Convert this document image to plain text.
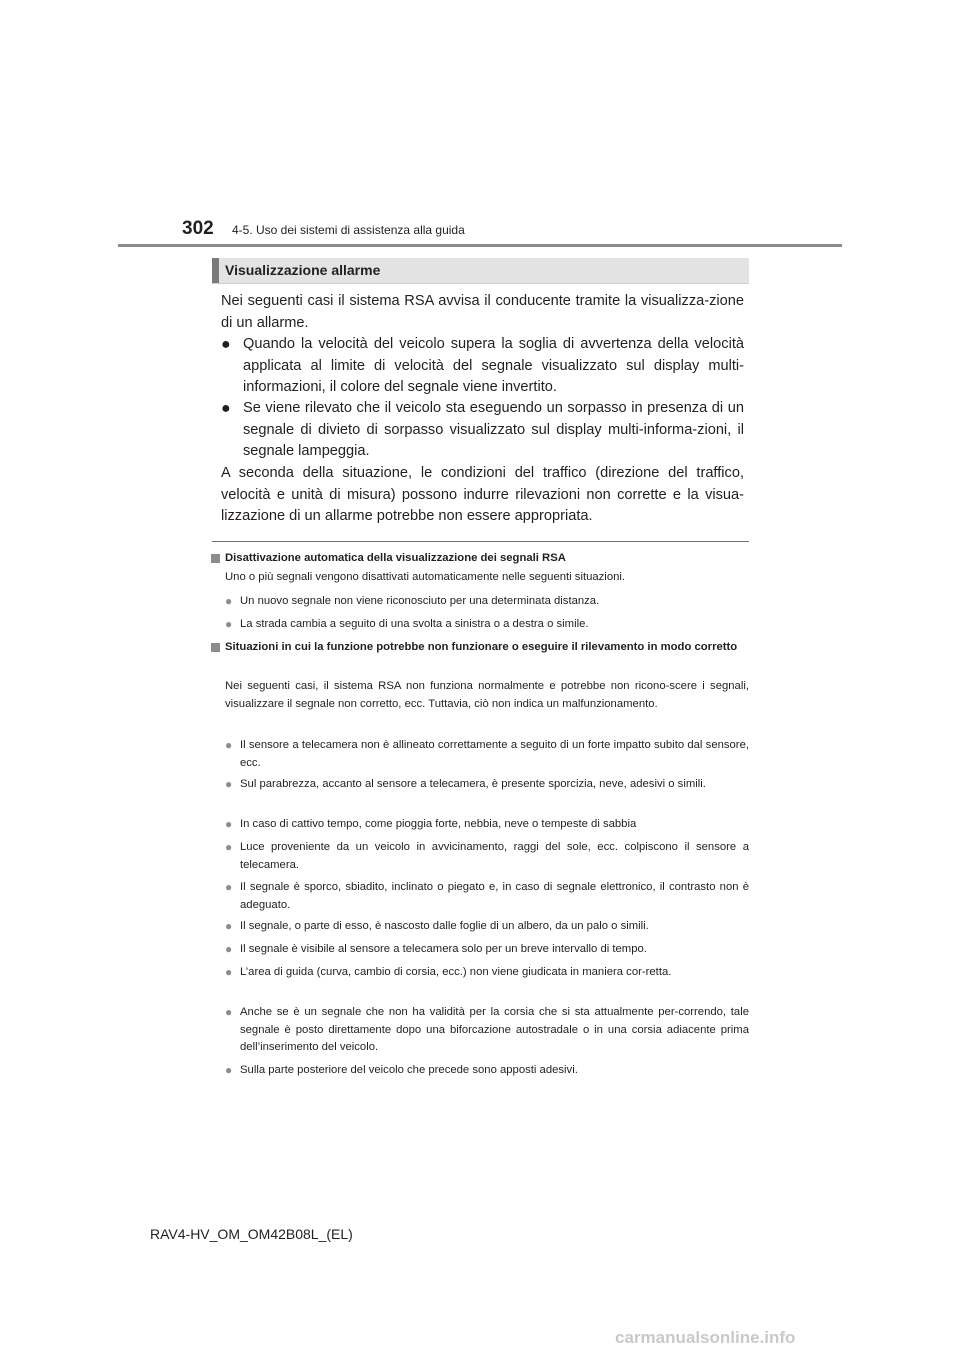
302 4-5. Uso dei sistemi di assistenza alla guida
Visualizzazione allarme

Nei seguenti casi il sistema RSA avvisa il conducente tramite la visualizza-zione di un allarme.

● Quando la velocità del veicolo supera la soglia di avvertenza della velocità applicata al limite di velocità del segnale visualizzato sul display multi-informazioni, il colore del segnale viene invertito.
● Se viene rilevato che il veicolo sta eseguendo un sorpasso in presenza di un segnale di divieto di sorpasso visualizzato sul display multi-informa-zioni, il segnale lampeggia.

A seconda della situazione, le condizioni del traffico (direzione del traffico, velocità e unità di misura) possono indurre rilevazioni non corrette e la visua-lizzazione di un allarme potrebbe non essere appropriata.

Disattivazione automatica della visualizzazione dei segnali RSA

Uno o più segnali vengono disattivati automaticamente nelle seguenti situazioni.

● Un nuovo segnale non viene riconosciuto per una determinata distanza.
● La strada cambia a seguito di una svolta a sinistra o a destra o simile.
Situazioni in cui la funzione potrebbe non funzionare o eseguire il rilevamento in modo corretto

Nei seguenti casi, il sistema RSA non funziona normalmente e potrebbe non ricono-scere i segnali, visualizzare il segnale non corretto, ecc. Tuttavia, ciò non indica un malfunzionamento.

● Il sensore a telecamera non è allineato correttamente a seguito di un forte impatto subito dal sensore, ecc.
● Sul parabrezza, accanto al sensore a telecamera, è presente sporcizia, neve, adesivi o simili.
● In caso di cattivo tempo, come pioggia forte, nebbia, neve o tempeste di sabbia
● Luce proveniente da un veicolo in avvicinamento, raggi del sole, ecc. colpiscono il sensore a telecamera.
● Il segnale è sporco, sbiadito, inclinato o piegato e, in caso di segnale elettronico, il contrasto non è adeguato.
● Il segnale, o parte di esso, è nascosto dalle foglie di un albero, da un palo o simili.
● Il segnale è visibile al sensore a telecamera solo per un breve intervallo di tempo.
● L’area di guida (curva, cambio di corsia, ecc.) non viene giudicata in maniera cor-retta.
● Anche se è un segnale che non ha validità per la corsia che si sta attualmente per-correndo, tale segnale è posto direttamente dopo una biforcazione autostradale o in una corsia adiacente prima dell’inserimento del veicolo.
● Sulla parte posteriore del veicolo che precede sono apposti adesivi.
RAV4-HV_OM_OM42B08L_(EL)
carmanualsonline.info
